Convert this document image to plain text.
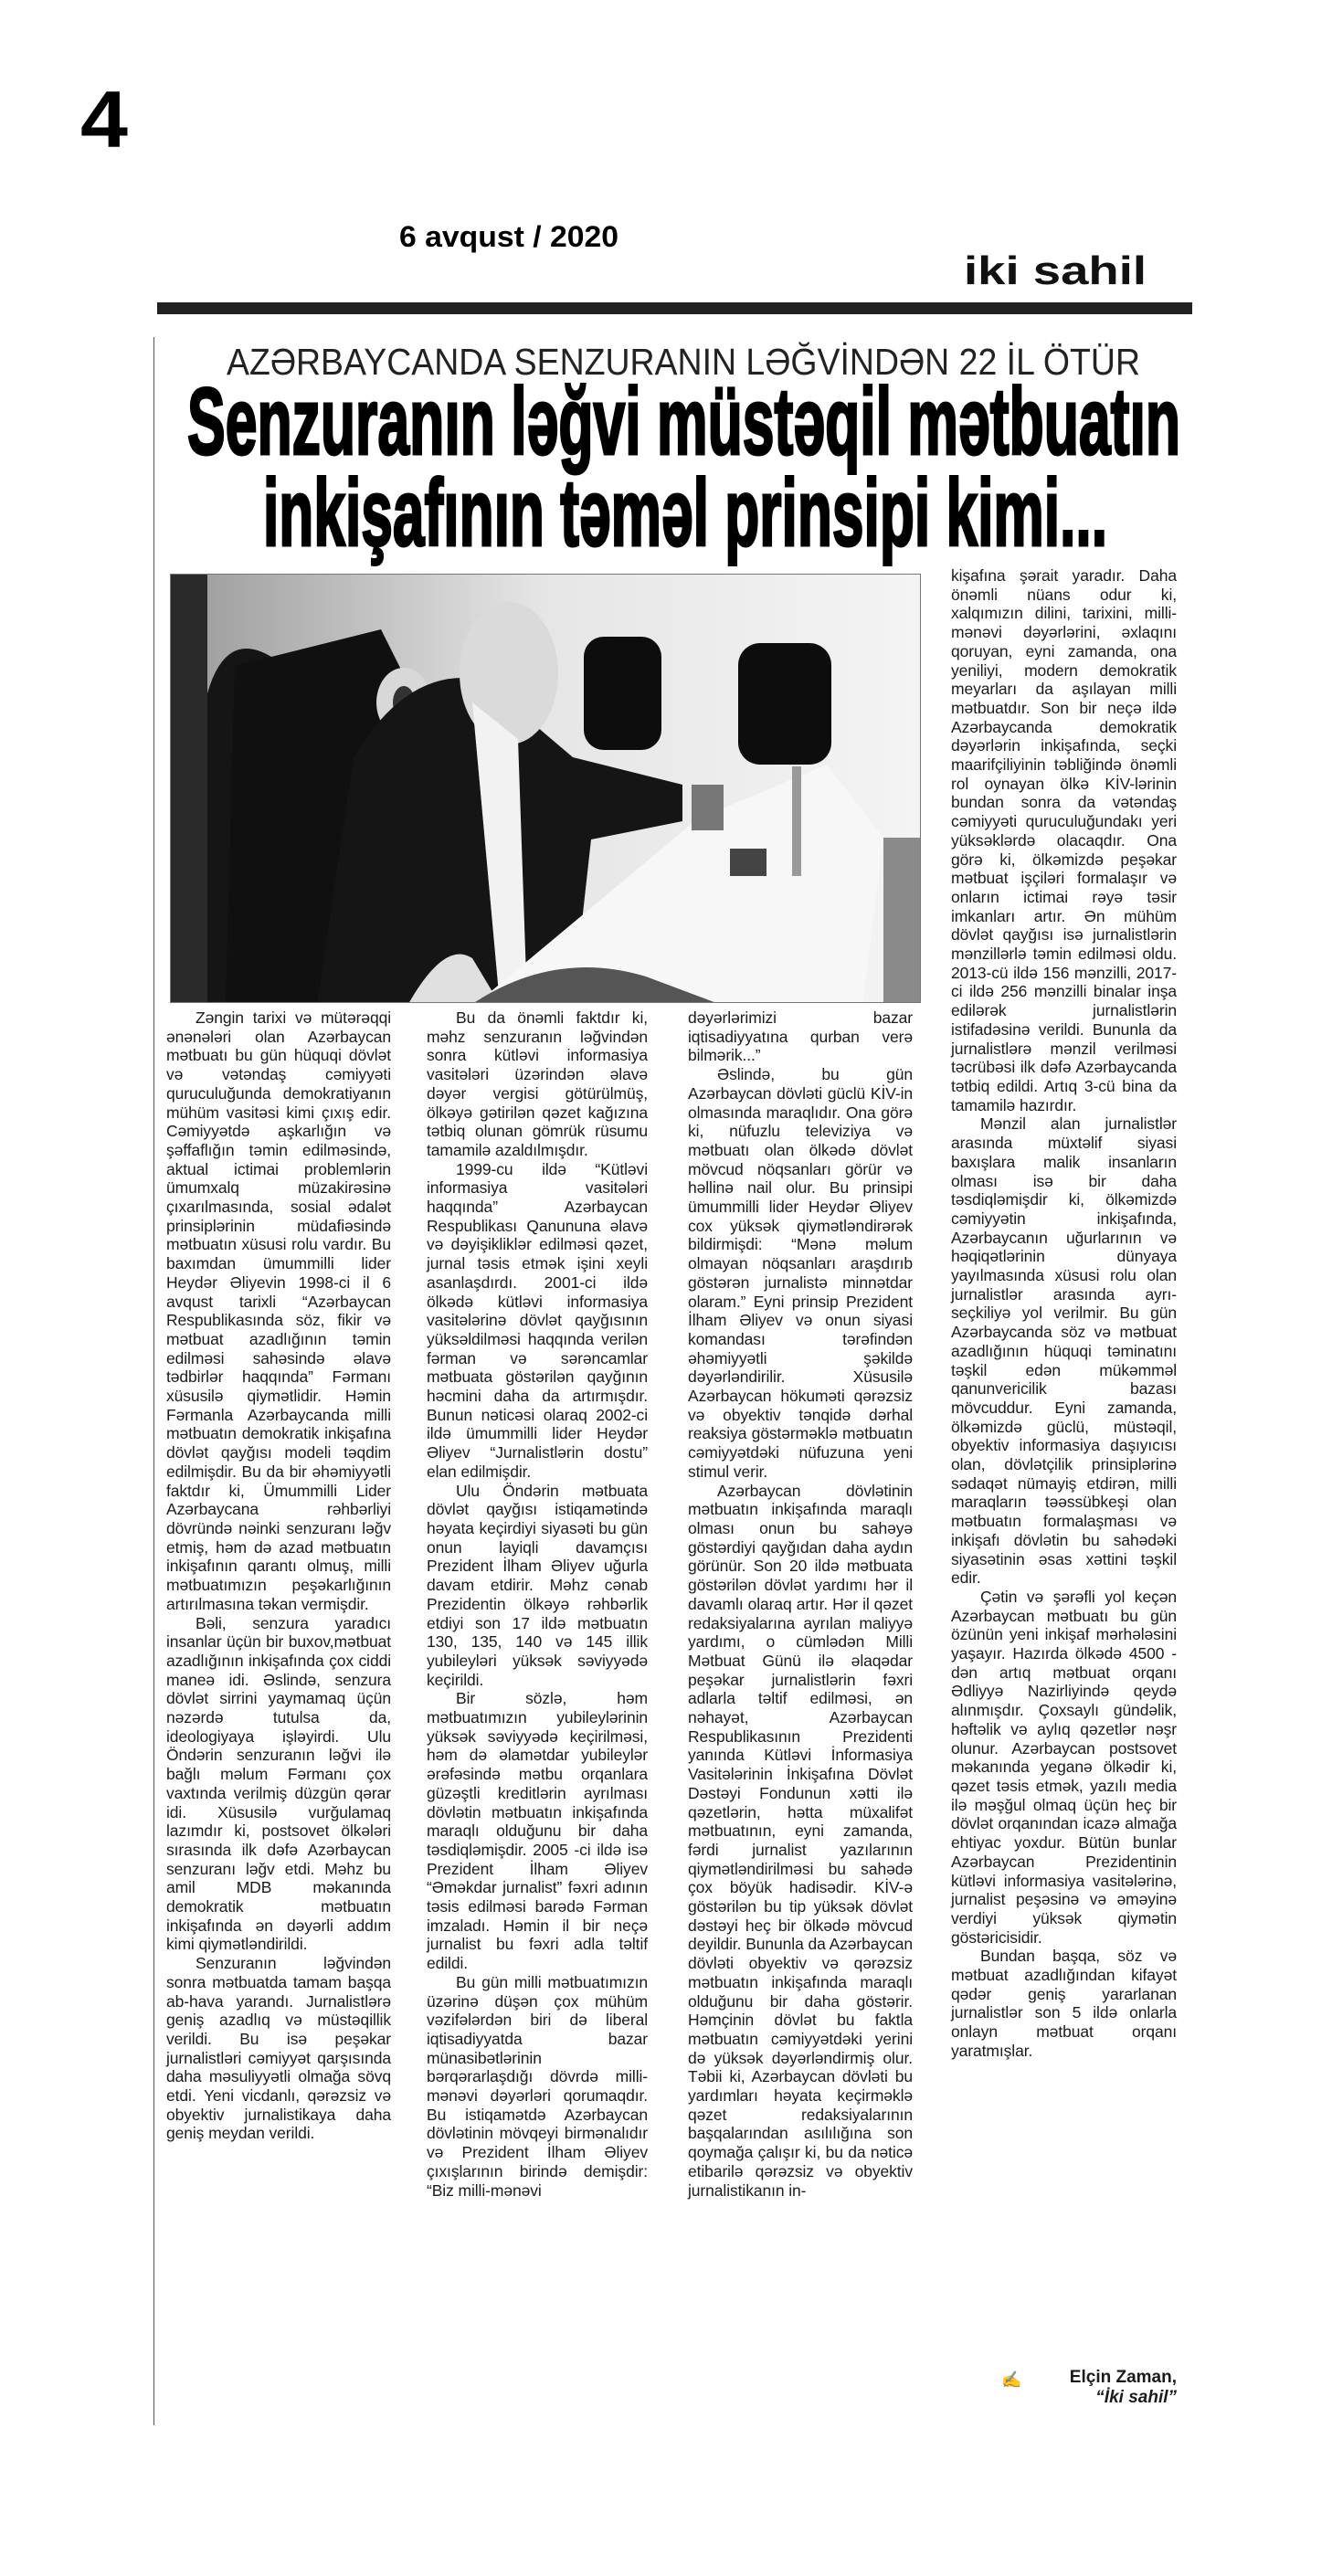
4
6 avqust / 2020
iki sahil
AZƏRBAYCANDA SENZURANIN LƏĞVİNDƏN 22 İL ÖTÜR
Senzuranın ləğvi müstəqil mətbuatın
inkişafının təməl prinsipi kimi...

Zəngin tarixi və mütərəqqi ənənələri olan Azərbaycan mətbuatı bu gün hüquqi dövlət və vətəndaş cəmiyyəti quruculuğunda demokratiyanın mühüm vasitəsi kimi çıxış edir. Cəmiyyətdə aşkarlığın və şəffaflığın təmin edilməsində, aktual ictimai problemlərin ümumxalq müzakirəsinə çıxarılmasında, sosial ədalət prinsiplərinin müdafiəsində mətbuatın xüsusi rolu vardır. Bu baxımdan ümummilli lider Heydər Əliyevin 1998-ci il 6 avqust tarixli “Azərbaycan Respublikasında söz, fikir və mətbuat azadlığının təmin edilməsi sahəsində əlavə tədbirlər haqqında” Fərmanı xüsusilə qiymətlidir. Həmin Fərmanla Azərbaycanda milli mətbuatın demokratik inkişafına dövlət qayğısı modeli təqdim edilmişdir. Bu da bir əhəmiyyətli faktdır ki, Ümummilli Lider Azərbaycana rəhbərliyi dövründə nəinki senzuranı ləğv etmiş, həm də azad mətbuatın inkişafının qarantı olmuş, milli mətbuatımızın peşəkarlığının artırılmasına təkan vermişdir.

Bəli, senzura yaradıcı insanlar üçün bir buxov,mətbuat azadlığının inkişafında çox ciddi maneə idi. Əslində, senzura dövlət sirrini yaymamaq üçün nəzərdə tutulsa da, ideologiyaya işləyirdi. Ulu Öndərin senzuranın ləğvi ilə bağlı məlum Fərmanı çox vaxtında verilmiş düzgün qərar idi. Xüsusilə vurğulamaq lazımdır ki, postsovet ölkələri sırasında ilk dəfə Azərbaycan senzuranı ləğv etdi. Məhz bu amil MDB məkanında demokratik mətbuatın inkişafında ən dəyərli addım kimi qiymətləndirildi.

Senzuranın ləğvindən sonra mətbuatda tamam başqa ab-hava yarandı. Jurnalistlərə geniş azadlıq və müstəqillik verildi. Bu isə peşəkar jurnalistləri cəmiyyət qarşısında daha məsuliyyətli olmağa sövq etdi. Yeni vicdanlı, qərəzsiz və obyektiv jurnalistikaya daha geniş meydan verildi.

Bu da önəmli faktdır ki, məhz senzuranın ləğvindən sonra kütləvi informasiya vasitələri üzərindən əlavə dəyər vergisi götürülmüş, ölkəyə gətirilən qəzet kağızına tətbiq olunan gömrük rüsumu tamamilə azaldılmışdır.

1999-cu ildə “Kütləvi informasiya vasitələri haqqında” Azərbaycan Respublikası Qanununa əlavə və dəyişikliklər edilməsi qəzet, jurnal təsis etmək işini xeyli asanlaşdırdı. 2001-ci ildə ölkədə kütləvi informasiya vasitələrinə dövlət qayğısının yüksəldilməsi haqqında verilən fərman və sərəncamlar mətbuata göstərilən qayğının həcmini daha da artırmışdır. Bunun nəticəsi olaraq 2002-ci ildə ümummilli lider Heydər Əliyev “Jurnalistlərin dostu” elan edilmişdir.

Ulu Öndərin mətbuata dövlət qayğısı istiqamətində həyata keçirdiyi siyasəti bu gün onun layiqli davamçısı Prezident İlham Əliyev uğurla davam etdirir. Məhz cənab Prezidentin ölkəyə rəhbərlik etdiyi son 17 ildə mətbuatın 130, 135, 140 və 145 illik yubileyləri yüksək səviyyədə keçirildi.

Bir sözlə, həm mətbuatımızın yubileylərinin yüksək səviyyədə keçirilməsi, həm də əlamətdar yubileylər ərəfəsində mətbu orqanlara güzəştli kreditlərin ayrılması dövlətin mətbuatın inkişafında maraqlı olduğunu bir daha təsdiqləmişdir. 2005 -ci ildə isə Prezident İlham Əliyev “Əməkdar jurnalist” fəxri adının təsis edilməsi barədə Fərman imzaladı. Həmin il bir neçə jurnalist bu fəxri adla təltif edildi.

Bu gün milli mətbuatımızın üzərinə düşən çox mühüm vəzifələrdən biri də liberal iqtisadiyyatda bazar münasibətlərinin bərqərarlaşdığı dövrdə milli-mənəvi dəyərləri qorumaqdır. Bu istiqamətdə Azərbaycan dövlətinin mövqeyi birmənalıdır və Prezident İlham Əliyev çıxışlarının birində demişdir: “Biz milli-mənəvi

dəyərlərimizi bazar iqtisadiyyatına qurban verə bilmərik...”

Əslində, bu gün Azərbaycan dövləti güclü KİV-in olmasında maraqlıdır. Ona görə ki, nüfuzlu televiziya və mətbuatı olan ölkədə dövlət mövcud nöqsanları görür və həllinə nail olur. Bu prinsipi ümummilli lider Heydər Əliyev cox yüksək qiymətləndirərək bildirmişdi: “Mənə məlum olmayan nöqsanları araşdırıb göstərən jurnalistə minnətdar olaram.” Eyni prinsip Prezident İlham Əliyev və onun siyasi komandası tərəfindən əhəmiyyətli şəkildə dəyərləndirilir. Xüsusilə Azərbaycan hökuməti qərəzsiz və obyektiv tənqidə dərhal reaksiya göstərməklə mətbuatın cəmiyyətdəki nüfuzuna yeni stimul verir.

Azərbaycan dövlətinin mətbuatın inkişafında maraqlı olması onun bu sahəyə göstərdiyi qayğıdan daha aydın görünür. Son 20 ildə mətbuata göstərilən dövlət yardımı hər il davamlı olaraq artır. Hər il qəzet redaksiyalarına ayrılan maliyyə yardımı, o cümlədən Milli Mətbuat Günü ilə əlaqədar peşəkar jurnalistlərin fəxri adlarla təltif edilməsi, ən nəhayət, Azərbaycan Respublikasının Prezidenti yanında Kütləvi İnformasiya Vasitələrinin İnkişafına Dövlət Dəstəyi Fondunun xətti ilə qəzetlərin, hətta müxalifət mətbuatının, eyni zamanda, fərdi jurnalist yazılarının qiymətləndirilməsi bu sahədə çox böyük hadisədir. KİV-ə göstərilən bu tip yüksək dövlət dəstəyi heç bir ölkədə mövcud deyildir. Bununla da Azərbaycan dövləti obyektiv və qərəzsiz mətbuatın inkişafında maraqlı olduğunu bir daha göstərir. Həmçinin dövlət bu faktla mətbuatın cəmiyyətdəki yerini də yüksək dəyərləndirmiş olur. Təbii ki, Azərbaycan dövləti bu yardımları həyata keçirməklə qəzet redaksiyalarının başqalarından asılılığına son qoymağa çalışır ki, bu da nəticə etibarilə qərəzsiz və obyektiv jurnalistikanın in-

kişafına şərait yaradır. Daha önəmli nüans odur ki, xalqımızın dilini, tarixini, milli-mənəvi dəyərlərini, əxlaqını qoruyan, eyni zamanda, ona yeniliyi, modern demokratik meyarları da aşılayan milli mətbuatdır. Son bir neçə ildə Azərbaycanda demokratik dəyərlərin inkişafında, seçki maarifçiliyinin təbliğində önəmli rol oynayan ölkə KİV-lərinin bundan sonra da vətəndaş cəmiyyəti quruculuğundakı yeri yüksəklərdə olacaqdır. Ona görə ki, ölkəmizdə peşəkar mətbuat işçiləri formalaşır və onların ictimai rəyə təsir imkanları artır. Ən mühüm dövlət qayğısı isə jurnalistlərin mənzillərlə təmin edilməsi oldu. 2013-cü ildə 156 mənzilli, 2017-ci ildə 256 mənzilli binalar inşa edilərək jurnalistlərin istifadəsinə verildi. Bununla da jurnalistlərə mənzil verilməsi təcrübəsi ilk dəfə Azərbaycanda tətbiq edildi. Artıq 3-cü bina da tamamilə hazırdır.

Mənzil alan jurnalistlər arasında müxtəlif siyasi baxışlara malik insanların olması isə bir daha təsdiqləmişdir ki, ölkəmizdə cəmiyyətin inkişafında, Azərbaycanın uğurlarının və həqiqətlərinin dünyaya yayılmasında xüsusi rolu olan jurnalistlər arasında ayrı-seçkiliyə yol verilmir. Bu gün Azərbaycanda söz və mətbuat azadlığının hüquqi təminatını təşkil edən mükəmməl qanunvericilik bazası mövcuddur. Eyni zamanda, ölkəmizdə güclü, müstəqil, obyektiv informasiya daşıyıcısı olan, dövlətçilik prinsiplərinə sədaqət nümayiş etdirən, milli maraqların təəssübkeşi olan mətbuatın formalaşması və inkişafı dövlətin bu sahədəki siyasətinin əsas xəttini təşkil edir.

Çətin və şərəfli yol keçən Azərbaycan mətbuatı bu gün özünün yeni inkişaf mərhələsini yaşayır. Hazırda ölkədə 4500 -dən artıq mətbuat orqanı Ədliyyə Nazirliyində qeydə alınmışdır. Çoxsaylı gündəlik, həftəlik və aylıq qəzetlər nəşr olunur. Azərbaycan postsovet məkanında yeganə ölkədir ki, qəzet təsis etmək, yazılı media ilə məşğul olmaq üçün heç bir dövlət orqanından icazə almağa ehtiyac yoxdur. Bütün bunlar Azərbaycan Prezidentinin kütləvi informasiya vasitələrinə, jurnalist peşəsinə və əməyinə verdiyi yüksək qiymətin göstəricisidir.

Bundan başqa, söz və mətbuat azadlığından kifayət qədər geniş yararlanan jurnalistlər son 5 ildə onlarla onlayn mətbuat orqanı yaratmışlar.

✍	Elçin Zaman,
“İki sahil”
